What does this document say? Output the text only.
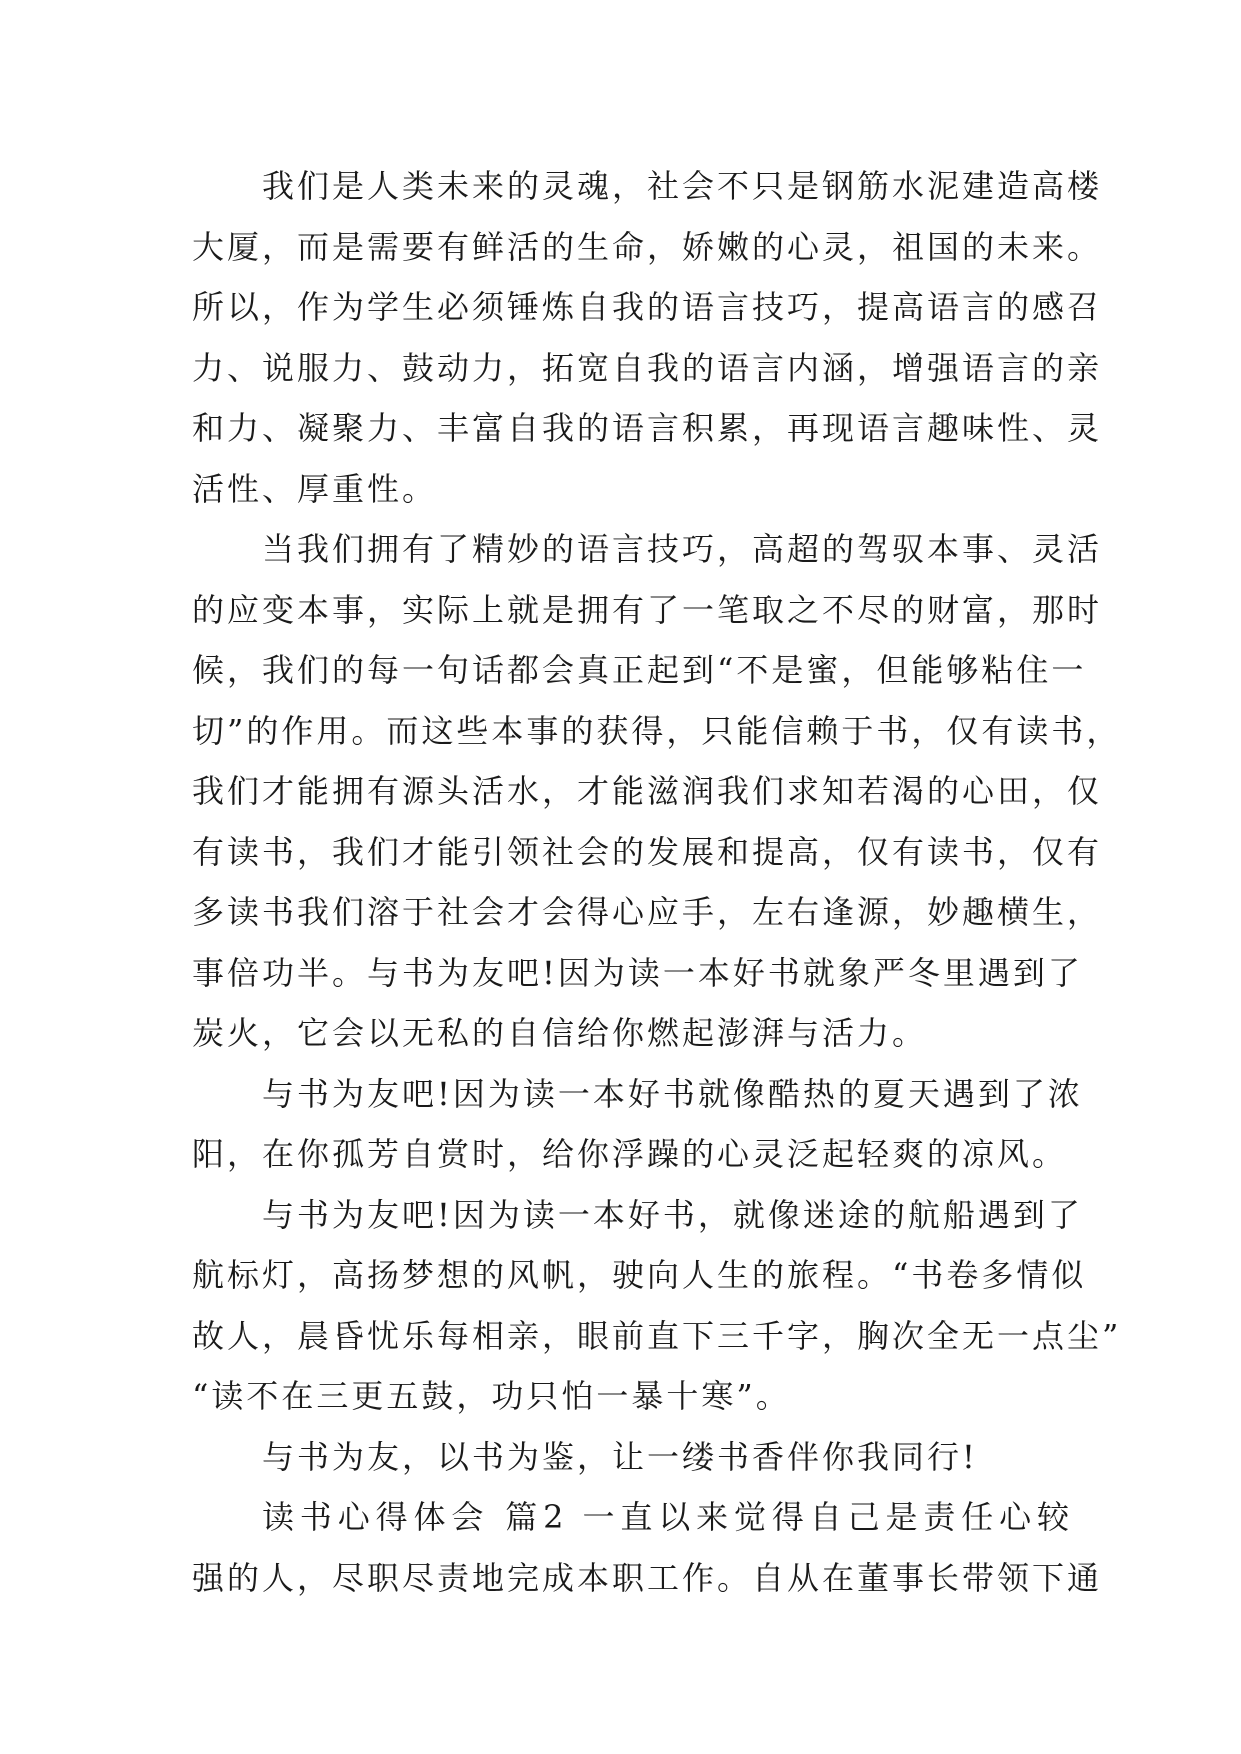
我们是人类未来的灵魂，社会不只是钢筋水泥建造高楼
大厦，而是需要有鲜活的生命，娇嫩的心灵，祖国的未来。
所以，作为学生必须锤炼自我的语言技巧，提高语言的感召
力、说服力、鼓动力，拓宽自我的语言内涵，增强语言的亲
和力、凝聚力、丰富自我的语言积累，再现语言趣味性、灵
活性、厚重性。
当我们拥有了精妙的语言技巧，高超的驾驭本事、灵活
的应变本事，实际上就是拥有了一笔取之不尽的财富，那时
候，我们的每一句话都会真正起到“不是蜜，但能够粘住一
切”的作用。而这些本事的获得，只能信赖于书，仅有读书，
我们才能拥有源头活水，才能滋润我们求知若渴的心田，仅
有读书，我们才能引领社会的发展和提高，仅有读书，仅有
多读书我们溶于社会才会得心应手，左右逢源，妙趣横生，
事倍功半。与书为友吧!因为读一本好书就象严冬里遇到了
炭火，它会以无私的自信给你燃起澎湃与活力。
与书为友吧!因为读一本好书就像酷热的夏天遇到了浓
阳，在你孤芳自赏时，给你浮躁的心灵泛起轻爽的凉风。
与书为友吧!因为读一本好书，就像迷途的航船遇到了
航标灯，高扬梦想的风帆，驶向人生的旅程。“书卷多情似
故人，晨昏忧乐每相亲，眼前直下三千字，胸次全无一点尘”
“读不在三更五鼓，功只怕一暴十寒”。
与书为友，以书为鉴，让一缕书香伴你我同行!
读书心得体会 篇2 一直以来觉得自己是责任心较
强的人，尽职尽责地完成本职工作。自从在董事长带领下通
